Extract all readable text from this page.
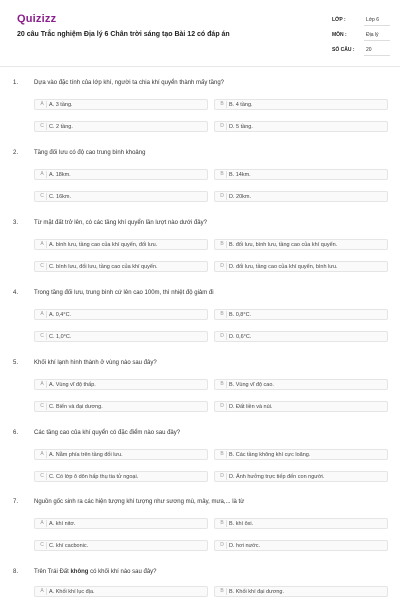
Quizizz
20 câu Trắc nghiệm Địa lý 6 Chân trời sáng tạo Bài 12 có đáp án
LỚP :	Lớp 6
MÔN :	Địa lý
SỐ CÂU : 20
1.	Dựa vào đặc tính của lớp khí, người ta chia khí quyển thành mấy tầng?
A A. 3 tầng.	B B. 4 tầng.
C C. 2 tầng.	D D. 5 tầng.
2.	Tầng đối lưu có độ cao trung bình khoảng
A A. 18km.	B B. 14km.
C C. 16km.	D D. 20km.
3.	Từ mặt đất trở lên, có các tầng khí quyển lần lượt nào dưới đây?
A A. bình lưu, tầng cao của khí quyển, đối lưu.	B B. đối lưu, bình lưu, tầng cao của khí quyển.
C C. bình lưu, đối lưu, tầng cao của khí quyển.	D D. đối lưu, tầng cao của khí quyển, bình lưu.
4.	Trong tầng đối lưu, trung bình cứ lên cao 100m, thì nhiệt độ giảm đi
A A. 0,4°C.	B B. 0,8°C.
C C. 1,0°C.	D D. 0,6°C.
5.	Khối khí lạnh hình thành ở vùng nào sau đây?
A A. Vùng vĩ độ thấp.	B B. Vùng vĩ độ cao.
C C. Biển và đại dương.	D D. Đất liền và núi.
6.	Các tầng cao của khí quyển có đặc điểm nào sau đây?
A A. Nằm phía trên tầng đối lưu.	B B. Các tầng không khí cực loãng.
C C. Có lớp ô dôn hấp thụ tia tử ngoại.	D D. Ảnh hưởng trực tiếp đến con người.
7.	Nguồn gốc sinh ra các hiện tượng khí tượng như sương mù, mây, mưa,... là từ
A A. khí nitơ.	B B. khí ôxi.
C C. khí cacbonic.	D D. hơi nước.
8.	Trên Trái Đất không có khối khí nào sau đây?
A A. Khối khí lục địa.	B B. Khối khí đại dương.
